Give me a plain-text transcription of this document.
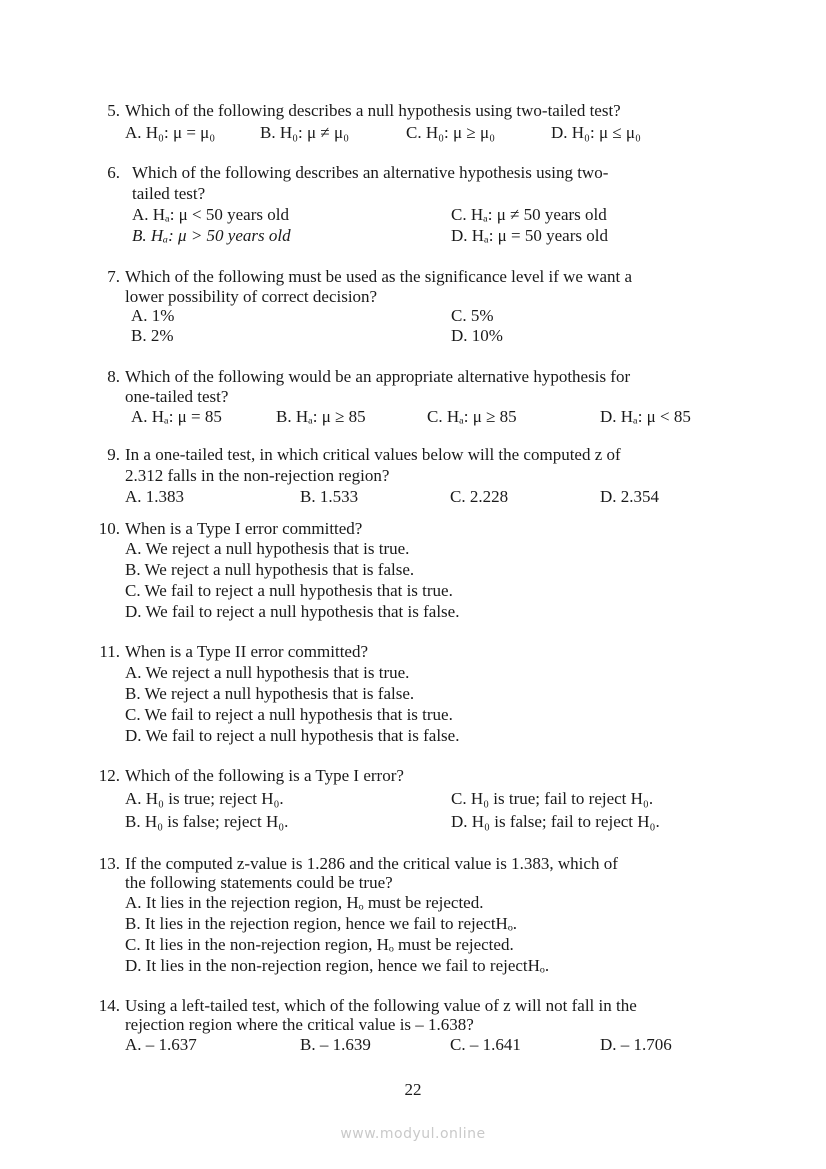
5. Which of the following describes a null hypothesis using two-tailed test?
A. H₀: μ = μ₀	B. H₀: μ ≠ μ₀	C. H₀: μ ≥ μ₀	D. H₀: μ ≤ μ₀
6. Which of the following describes an alternative hypothesis using two-
tailed test?
A. Hₐ: μ < 50 years old
B. Hₐ: μ > 50 years old
C. Hₐ: μ ≠ 50 years old
D. Hₐ: μ = 50 years old
7. Which of the following must be used as the significance level if we want a
lower possibility of correct decision?
A. 1%
B. 2%
C. 5%
D. 10%
8. Which of the following would be an appropriate alternative hypothesis for
one-tailed test?
A. Hₐ: μ = 85	B. Hₐ: μ ≥ 85	C. Hₐ: μ ≥ 85	D. Hₐ: μ < 85
9. In a one-tailed test, in which critical values below will the computed z of
2.312 falls in the non-rejection region?
A. 1.383	B. 1.533	C. 2.228	D. 2.354
10. When is a Type I error committed?
A. We reject a null hypothesis that is true.
B. We reject a null hypothesis that is false.
C. We fail to reject a null hypothesis that is true.
D. We fail to reject a null hypothesis that is false.
11. When is a Type II error committed?
A. We reject a null hypothesis that is true.
B. We reject a null hypothesis that is false.
C. We fail to reject a null hypothesis that is true.
D. We fail to reject a null hypothesis that is false.
12. Which of the following is a Type I error?
A. H₀ is true; reject H₀.
B. H₀ is false; reject H₀.
C. H₀ is true; fail to reject H₀.
D. H₀ is false; fail to reject H₀.
13. If the computed z-value is 1.286 and the critical value is 1.383, which of
the following statements could be true?
A. It lies in the rejection region, Hₒ must be rejected.
B. It lies in the rejection region, hence we fail to rejectHₒ.
C. It lies in the non-rejection region, Hₒ must be rejected.
D. It lies in the non-rejection region, hence we fail to rejectHₒ.
14. Using a left-tailed test, which of the following value of z will not fall in the
rejection region where the critical value is – 1.638?
A. – 1.637	B. – 1.639	C. – 1.641	D. – 1.706
22
www.modyul.online
